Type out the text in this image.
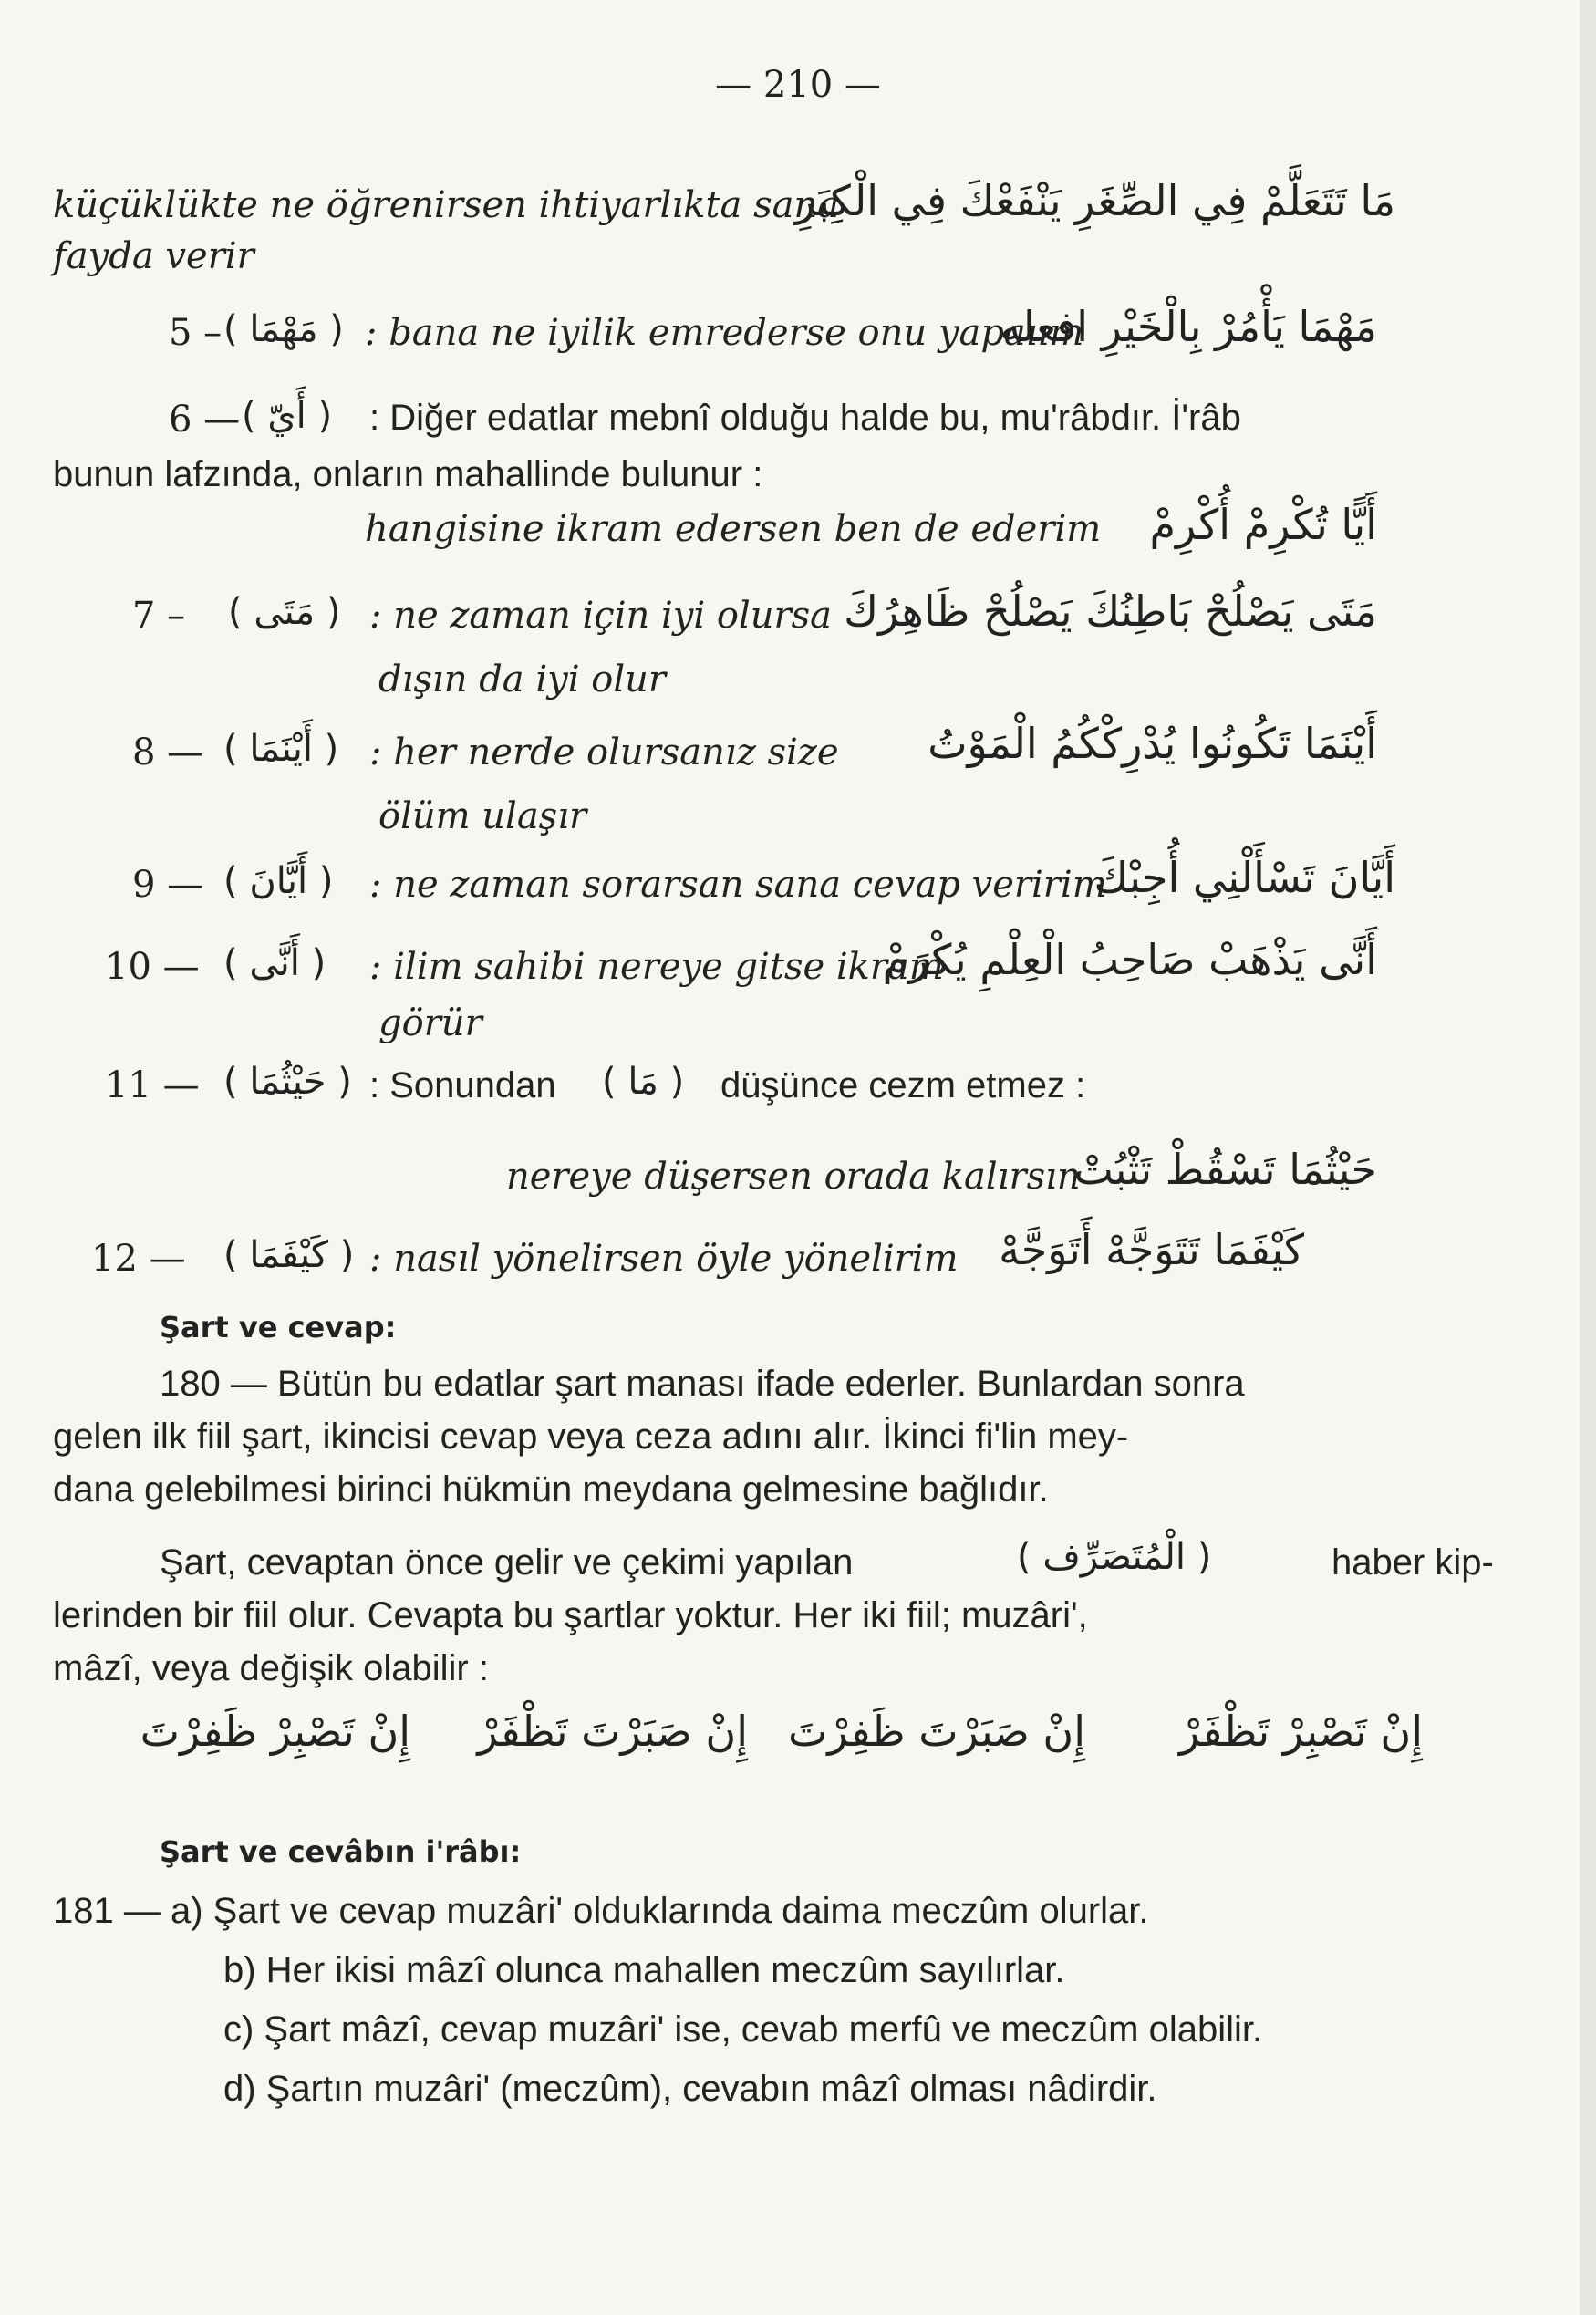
— 210 —
küçüklükte ne öğrenirsen ihtiyarlıkta sana
fayda verir
مَا تَتَعَلَّمْ فِي الصِّغَرِ يَنْفَعْكَ فِي الْكِبَرِ
5 – ( مَهْمَا ) : bana ne iyilik emrederse onu yapaıım
مَهْمَا يَأْمُرْ بِالْخَيْرِ افعله
6 — ( أَيّ ) : Diğer edatlar mebnî olduğu halde bu, mu'râbdır. İ'râb
bunun lafzında, onların mahallinde bulunur :
hangisine ikram edersen ben de ederim أَيًّا تُكْرِمْ أُكْرِمْ
7 – ( مَتَى ) : ne zaman için iyi olursa
dışın da iyi olur
مَتَى يَصْلُحْ بَاطِنُكَ يَصْلُحْ ظَاهِرُكَ
8 — ( أَيْنَمَا ) : her nerde olursanız size
ölüm ulaşır
أَيْنَمَا تَكُونُوا يُدْرِكْكُمُ الْمَوْتُ
9 — ( أَيَّانَ ) : ne zaman sorarsan sana cevap veririm
أَيَّانَ تَسْأَلْنِي أُجِبْكَ
10 — ( أَنَّى ) : ilim sahibi nereye gitse ikram
görür
أَنَّى يَذْهَبْ صَاحِبُ الْعِلْمِ يُكْرَمْ
11 — ( حَيْثُمَا ) : Sonundan ( مَا ) düşünce cezm etmez :
nereye düşersen orada kalırsın
حَيْثُمَا تَسْقُطْ تَثْبُتْ
12 — ( كَيْفَمَا ) : nasıl yönelirsen öyle yönelirim كَيْفَمَا تَتَوَجَّهْ أَتَوَجَّهْ
Şart ve cevap:
180 — Bütün bu edatlar şart manası ifade ederler. Bunlardan sonra
gelen ilk fiil şart, ikincisi cevap veya ceza adını alır. İkinci fi'lin mey-
dana gelebilmesi birinci hükmün meydana gelmesine bağlıdır.
Şart, cevaptan önce gelir ve çekimi yapılan	( الْمُتَصَرِّف )	haber kip-
lerinden bir fiil olur. Cevapta bu şartlar yoktur. Her iki fiil; muzâri',
mâzî, veya değişik olabilir :
إِنْ تَصْبِرْ تَظْفَرْ
إِنْ صَبَرْتَ ظَفِرْتَ
إِنْ صَبَرْتَ تَظْفَرْ
إِنْ تَصْبِرْ ظَفِرْتَ
Şart ve cevâbın i'râbı:
181 — a) Şart ve cevap muzâri' olduklarında daima meczûm olurlar.
b) Her ikisi mâzî olunca mahallen meczûm sayılırlar.
c) Şart mâzî, cevap muzâri' ise, cevab merfû ve meczûm olabilir.
d) Şartın muzâri' (meczûm), cevabın mâzî olması nâdirdir.
